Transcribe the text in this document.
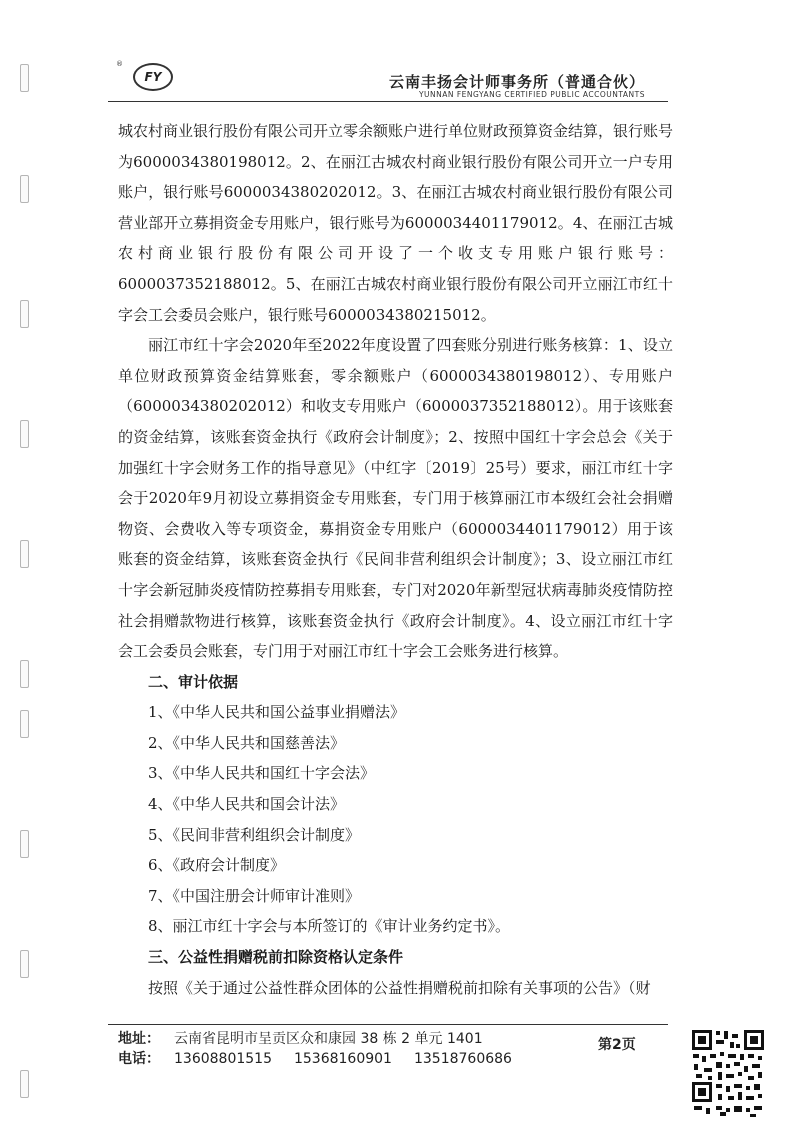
®
FY	云南丰扬会计师事务所（普通合伙）
YUNNAN FENGYANG CERTIFIED PUBLIC ACCOUNTANTS

城农村商业银行股份有限公司开立零余额账户进行单位财政预算资金结算，银行账号为6000034380198012。2、在丽江古城农村商业银行股份有限公司开立一户专用账户，银行账号6000034380202012。3、在丽江古城农村商业银行股份有限公司营业部开立募捐资金专用账户，银行账号为6000034401179012。4、在丽江古城农村商业银行股份有限公司开设了一个收支专用账户银行账号：6000037352188012。5、在丽江古城农村商业银行股份有限公司开立丽江市红十字会工会委员会账户，银行账号6000034380215012。

丽江市红十字会2020年至2022年度设置了四套账分别进行账务核算：1、设立单位财政预算资金结算账套，零余额账户（6000034380198012）、专用账户（6000034380202012）和收支专用账户（6000037352188012）。用于该账套的资金结算，该账套资金执行《政府会计制度》；2、按照中国红十字会总会《关于加强红十字会财务工作的指导意见》（中红字〔2019〕25号）要求，丽江市红十字会于2020年9月初设立募捐资金专用账套，专门用于核算丽江市本级红会社会捐赠物资、会费收入等专项资金，募捐资金专用账户（6000034401179012）用于该账套的资金结算，该账套资金执行《民间非营利组织会计制度》；3、设立丽江市红十字会新冠肺炎疫情防控募捐专用账套，专门对2020年新型冠状病毒肺炎疫情防控社会捐赠款物进行核算，该账套资金执行《政府会计制度》。4、设立丽江市红十字会工会委员会账套，专门用于对丽江市红十字会工会账务进行核算。

二、审计依据

1、《中华人民共和国公益事业捐赠法》

2、《中华人民共和国慈善法》

3、《中华人民共和国红十字会法》

4、《中华人民共和国会计法》

5、《民间非营利组织会计制度》

6、《政府会计制度》

7、《中国注册会计师审计准则》

8、丽江市红十字会与本所签订的《审计业务约定书》。

三、公益性捐赠税前扣除资格认定条件

按照《关于通过公益性群众团体的公益性捐赠税前扣除有关事项的公告》（财

地址： 云南省昆明市呈贡区众和康园 38 栋 2 单元 1401
电话： 13608801515 15368160901 13518760686
第2页
